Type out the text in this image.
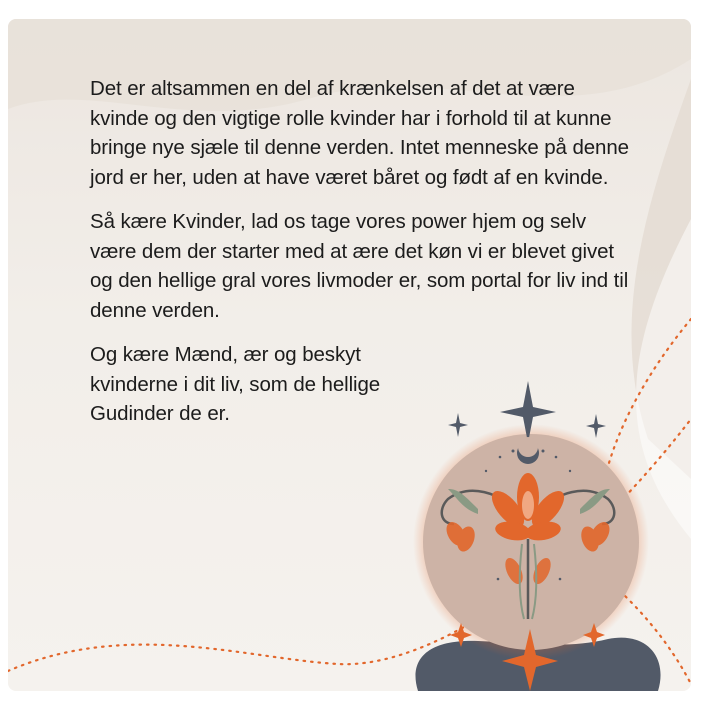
Det er altsammen en del af krænkelsen af det at være kvinde og den vigtige rolle kvinder har i forhold til at kunne bringe nye sjæle til denne verden. Intet menneske på denne jord er her, uden at have været båret og født af en kvinde.

Så kære Kvinder, lad os tage vores power hjem og selv være dem der starter med at ære det køn vi er blevet givet og den hellige gral vores livmoder er, som portal for liv ind til denne verden.

Og kære Mænd, ær og beskyt kvinderne i dit liv, som de hellige Gudinder de er.
